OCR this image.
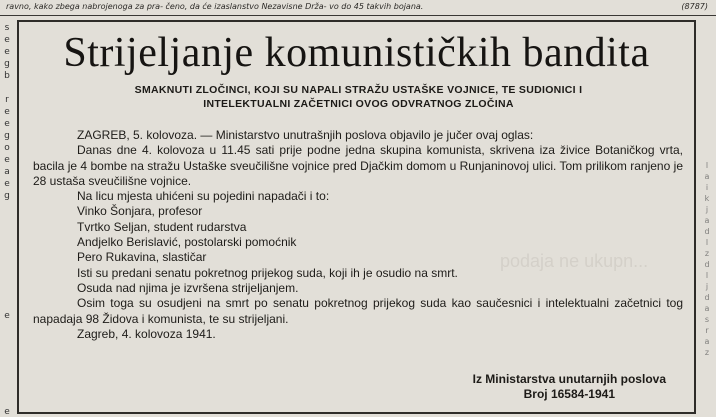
ravno, kako zbega nabrojenoga za pra- čeno, da će izaslanstvo Nezavisne Drža- vo do 45 takvih bojana.	(8787)
s
e
e
g
b
r
e
e
g
o
e
a
e
g
e
e
l
a
i
k
j
a
d
l
z
d
l
j
d
a
s
r
a
z
podaja ne ukupn...
Strijeljanje komunističkih bandita
SMAKNUTI ZLOČINCI, KOJI SU NAPALI STRAŽU USTAŠKE VOJNICE, TE SUDIONICI I
INTELEKTUALNI ZAČETNICI OVOG ODVRATNOG ZLOČINA

ZAGREB, 5. kolovoza. — Ministarstvo unutrašnjih poslova objavilo je jučer ovaj oglas:

Danas dne 4. kolovoza u 11.45 sati prije podne jedna skupina komunista, skrivena iza živice Botaničkog vrta, bacila je 4 bombe na stražu Ustaške sveučilišne vojnice pred Djačkim domom u Runjaninovoj ulici. Tom prilikom ranjeno je 28 ustaša sveučilišne vojnice.

Na licu mjesta uhićeni su pojedini napadači i to:

Vinko Šonjara, profesor

Tvrtko Seljan, student rudarstva

Andjelko Berislavić, postolarski pomoćnik

Pero Rukavina, slastičar

Isti su predani senatu pokretnog prijekog suda, koji ih je osudio na smrt.

Osuda nad njima je izvršena strijeljanjem.

Osim toga su osudjeni na smrt po senatu pokretnog prijekog suda kao saučesnici i intelektualni začetnici tog napadaja 98 Židova i komunista, te su strijeljani.

Zagreb, 4. kolovoza 1941.

Iz Ministarstva unutarnjih poslova
Broj 16584-1941
